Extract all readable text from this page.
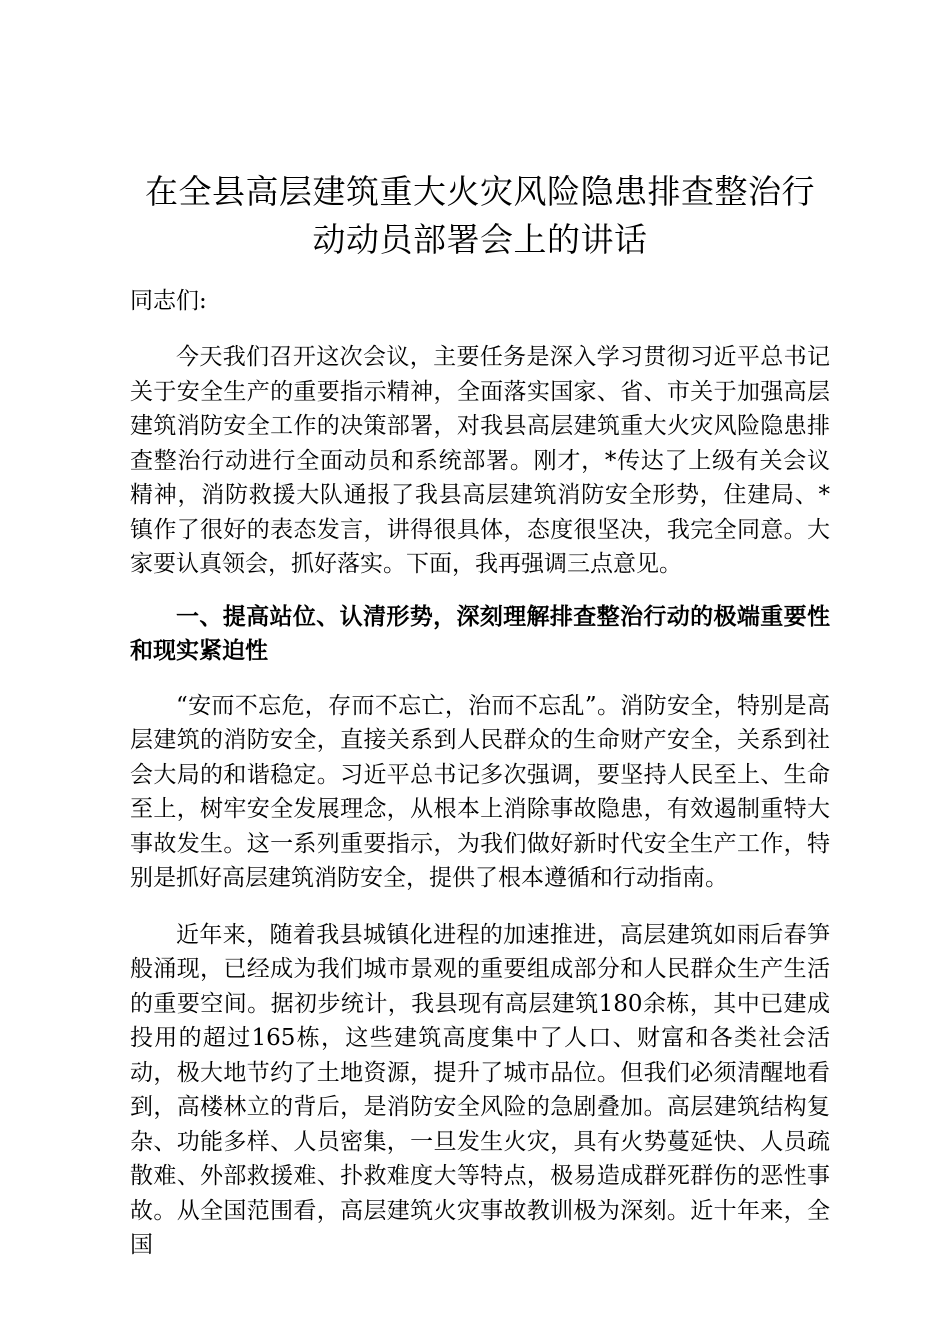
在全县高层建筑重大火灾风险隐患排查整治行
动动员部署会上的讲话

同志们:

今天我们召开这次会议，主要任务是深入学习贯彻习近平总书记关于安全生产的重要指示精神，全面落实国家、省、市关于加强高层建筑消防安全工作的决策部署，对我县高层建筑重大火灾风险隐患排查整治行动进行全面动员和系统部署。刚才，*传达了上级有关会议精神，消防救援大队通报了我县高层建筑消防安全形势，住建局、*镇作了很好的表态发言，讲得很具体，态度很坚决，我完全同意。大家要认真领会，抓好落实。下面，我再强调三点意见。

一、提高站位、认清形势，深刻理解排查整治行动的极端重要性和现实紧迫性

“安而不忘危，存而不忘亡，治而不忘乱”。消防安全，特别是高层建筑的消防安全，直接关系到人民群众的生命财产安全，关系到社会大局的和谐稳定。习近平总书记多次强调，要坚持人民至上、生命至上，树牢安全发展理念，从根本上消除事故隐患，有效遏制重特大事故发生。这一系列重要指示，为我们做好新时代安全生产工作，特别是抓好高层建筑消防安全，提供了根本遵循和行动指南。

近年来，随着我县城镇化进程的加速推进，高层建筑如雨后春笋般涌现，已经成为我们城市景观的重要组成部分和人民群众生产生活的重要空间。据初步统计，我县现有高层建筑180余栋，其中已建成投用的超过165栋，这些建筑高度集中了人口、财富和各类社会活动，极大地节约了土地资源，提升了城市品位。但我们必须清醒地看到，高楼林立的背后，是消防安全风险的急剧叠加。高层建筑结构复杂、功能多样、人员密集，一旦发生火灾，具有火势蔓延快、人员疏散难、外部救援难、扑救难度大等特点，极易造成群死群伤的恶性事故。从全国范围看，高层建筑火灾事故教训极为深刻。近十年来，全国
